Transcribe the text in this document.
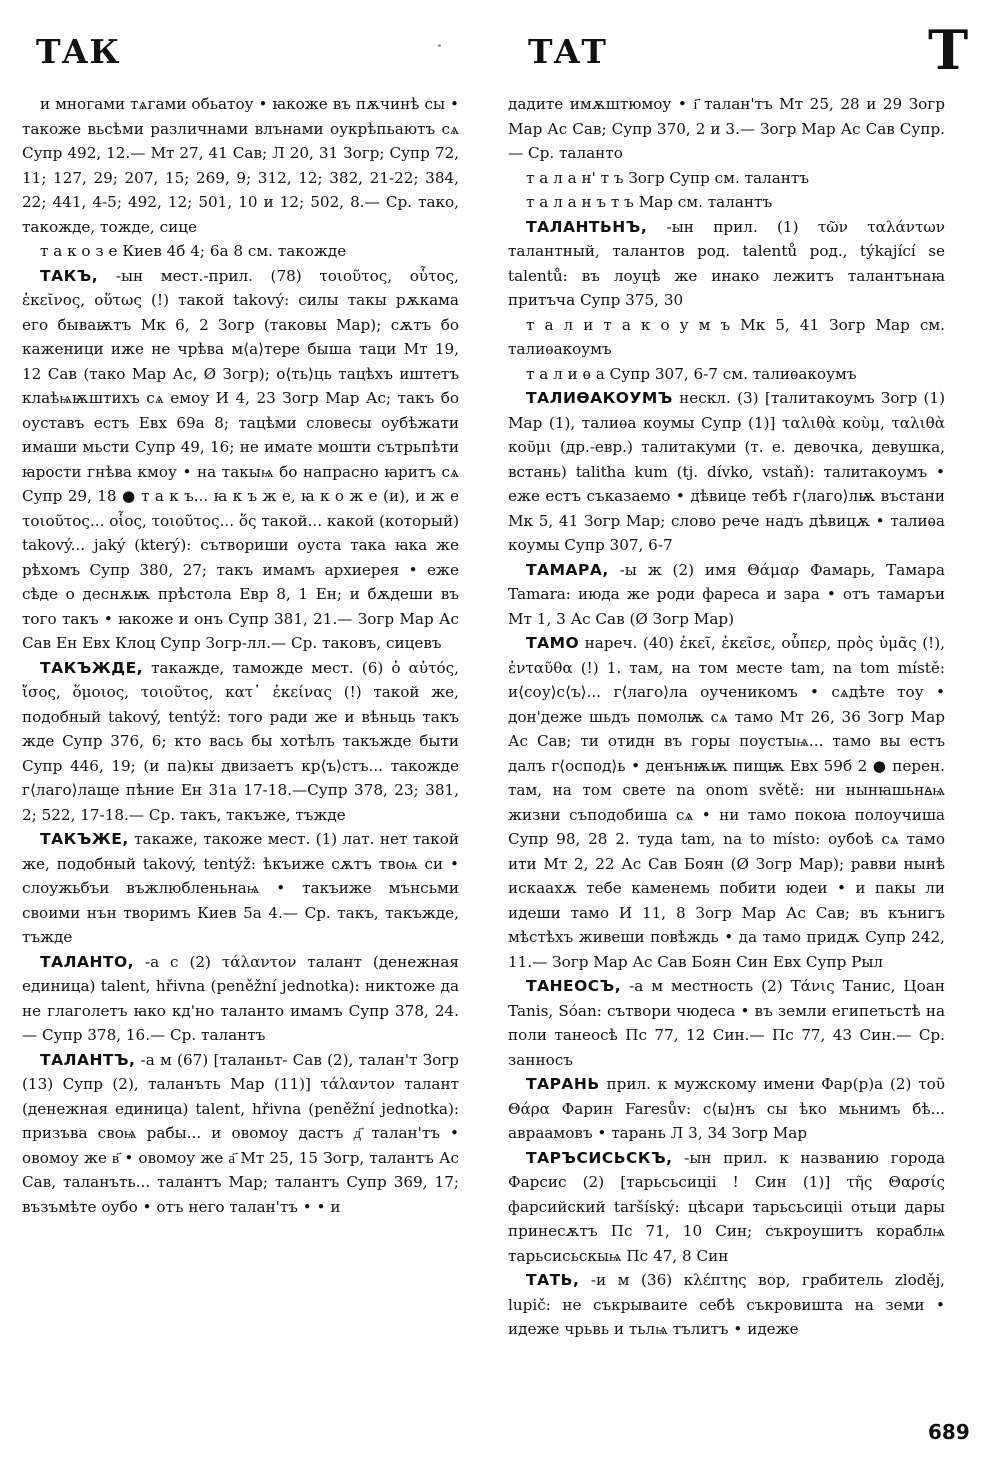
ТАК	ТАТ	Т

и многами тѧгами обьатоу • ꙗкоже въ пѫчинѣ сы • такоже вьсѣми различнами влънами оукрѣпьаютъ сѧ Супр 492, 12.— Мт 27, 41 Сав; Л 20, 31 Зогр; Супр 72, 11; 127, 29; 207, 15; 269, 9; 312, 12; 382, 21-22; 384, 22; 441, 4-5; 492, 12; 501, 10 и 12; 502, 8.— Ср. тако, такожде, тожде, сице

т а к о з е Киев 4б 4; 6а 8 см. такожде

ТАКЪ, -ын мест.-прил. (78) τοιοῦτος, οὗτος, ἐκεῖνος, οὕτως (!) такой takový: силы такы рѫкама его бываѭтъ Мк 6, 2 Зогр (таковы Мар); сѫтъ бо каженици иже не чрѣва м⟨а⟩тере быша таци Мт 19, 12 Сав (тако Мар Ас, Ø Зогр); о⟨ть⟩ць тацѣхъ иштетъ клаѣѩѭштихъ сѧ емоу И 4, 23 Зогр Мар Ас; такъ бо оуставъ естъ Евх 69а 8; тацѣми словесы оубѣжати имаши мьсти Супр 49, 16; не имате мошти сътрьпѣти ꙗрости гнѣва кмоу • на такыѩ бо напрасно ꙗритъ сѧ Супр 29, 18 ● т а к ъ... ꙗ к ъ ж е, ꙗ к о ж е (и), и ж е τοιοῦτος... οἷος, τοιοῦτος... ὅς такой... какой (который) takový... jaký (který): сътвориши оуста така ꙗка же рѣхомъ Супр 380, 27; такъ имамъ архиерея • еже сѣде о деснѫѭ прѣстола Евр 8, 1 Ен; и бѫдеши въ того такъ • ꙗкоже и онъ Супр 381, 21.— Зогр Мар Ас Сав Ен Евх Клоц Супр Зогр-лл.— Ср. таковъ, сицевъ

ТАКЪЖДЕ, такажде, таможде мест. (6) ὁ αὐτός, ἴσος, ὅμοιος, τοιοῦτος, κατ᾿ ἐκείνας (!) такой же, подобный takový, tentýž: того ради же и вѣньць такъ жде Супр 376, 6; кто вась бы хотѣлъ такъжде быти Супр 446, 19; (и па)кы двизаетъ кр⟨ъ⟩стъ... такожде г⟨лаго⟩лаще пѣние Ен 31а 17-18.—Супр 378, 23; 381, 2; 522, 17-18.— Ср. такъ, такъже, тъжде

ТАКЪЖЕ, такаже, такоже мест. (1) лат. нет такой же, подобный takový, tentýž: ѣкъиже сѫтъ твоѩ си • слоужьбъи въжлюбленьнаѩ • такъиже мънсьми своими нън творимъ Киев 5а 4.— Ср. такъ, такъжде, тъжде

ТАЛАНТО, -а с (2) τάλαντον талант (денежная единица) talent, hřivna (peněžní jednotka): никтоже да не глаголетъ ꙗко кд'но таланто имамъ Супр 378, 24.— Супр 378, 16.— Ср. талантъ

ТАЛАНТЪ, -а м (67) [таланьт- Сав (2), талан'т Зогр (13) Супр (2), таланъть Мар (11)] τάλαντον талант (денежная единица) talent, hřivna (peněžní jednotka): призъва своѩ рабы... и овомоу дастъ д҃ талан'тъ • овомоу же в҃ • овомоу же а҃ Мт 25, 15 Зогр, талантъ Ас Сав, таланъть... талантъ Мар; талантъ Супр 369, 17; възъмѣте оубо • отъ него талан'тъ • • и

дадите имѫштюмоу • і҃ талан'тъ Мт 25, 28 и 29 Зогр Мар Ас Сав; Супр 370, 2 и 3.— Зогр Мар Ас Сав Супр.— Ср. таланто

т а л а н' т ъ Зогр Супр см. талантъ

т а л а н ъ т ъ Мар см. талантъ

ТАЛАНТЬНЪ, -ын прил. (1) τῶν ταλάντων талантный, талантов род. talentů род., týkající se talentů: въ лоуцѣ же инако лежитъ талантънаꙗ притъча Супр 375, 30

т а л и т а к о у м ъ Мк 5, 41 Зогр Мар см. талиѳакоумъ

т а л и ѳ а Супр 307, 6-7 см. талиѳакоумъ

ТАЛИѲАКОУМЪ нескл. (3) [талитакоумъ Зогр (1) Мар (1), талиѳа коумы Супр (1)] ταλιθὰ κοὺμ, ταλιθὰ κοῦμι (др.-евр.) талитакуми (т. е. девочка, девушка, встань) talitha kum (tj. dívko, vstaň): талитакоумъ • еже естъ съказаемо • дѣвице тебѣ г⟨лаго⟩лѭ въстани Мк 5, 41 Зогр Мар; слово рече надъ дѣвицѫ • талиѳа коумы Супр 307, 6-7

ТАМАРА, -ы ж (2) имя Θάμαρ Фамарь, Тамара Tamara: июда же роди фареса и зара • отъ тамаръи Мт 1, 3 Ас Сав (Ø Зогр Мар)

ТАМО нареч. (40) ἐκεῖ, ἐκεῖσε, οὗπερ, πρὸς ὑμᾶς (!), ἐνταῦθα (!) 1. там, на том месте tam, na tom místě: и⟨соу⟩с⟨ъ⟩... г⟨лаго⟩ла оученикомъ • сѧдѣте тоу • дон'деже шьдъ помолѭ сѧ тамо Мт 26, 36 Зогр Мар Ас Сав; ти отидн въ горы поустыѩ... тамо вы естъ далъ г⟨оспод⟩ь • денънѭѭ пищѭ Евх 59б 2 ● перен. там, на том свете na onom světě: ни нынꙗшьнꙙѩ жизни съподобиша сѧ • ни тамо покоꙗ полоучиша Супр 98, 28 2. туда tam, na to místo: оубоѣ сѧ тамо ити Мт 2, 22 Ас Сав Боян (Ø Зогр Мар); равви нынѣ искаахѫ тебе каменемь побити юдеи • и пакы ли идеши тамо И 11, 8 Зогр Мар Ас Сав; въ кънигъ мѣстѣхъ живеши повѣждь • да тамо придѫ Супр 242, 11.— Зогр Мар Ас Сав Боян Син Евх Супр Рыл

ТАНЕОСЪ, -а м местность (2) Τάνις Танис, Цоан Tanis, Sóan: сътвори чюдеса • въ земли египетьстѣ на поли танеосѣ Пс 77, 12 Син.— Пс 77, 43 Син.— Ср. занносъ

ТАРАНЬ прил. к мужскому имени Фар(р)а (2) τοῦ Θάρα Фарин Faresův: с⟨ы⟩нъ сы ѣко мьнимъ бѣ... авраамовъ • тарань Л 3, 34 Зогр Мар

ТАРЪСИСЬСКЪ, -ын прил. к названию города Фарсис (2) [тарьсьсиціі ! Син (1)] τῆς Θαρσίς фарсийский taršíský: цѣсари тарьсьсиціі отьци дары принесѫтъ Пс 71, 10 Син; съкроушитъ кораблѩ тарьсисьскыѩ Пс 47, 8 Син

ТАТЬ, -и м (36) κλέπτης вор, грабитель zloděj, lupič: не съкрываите себѣ съкровишта на земи • идеже чрьвь и тьлѩ тълитъ • идеже

689
